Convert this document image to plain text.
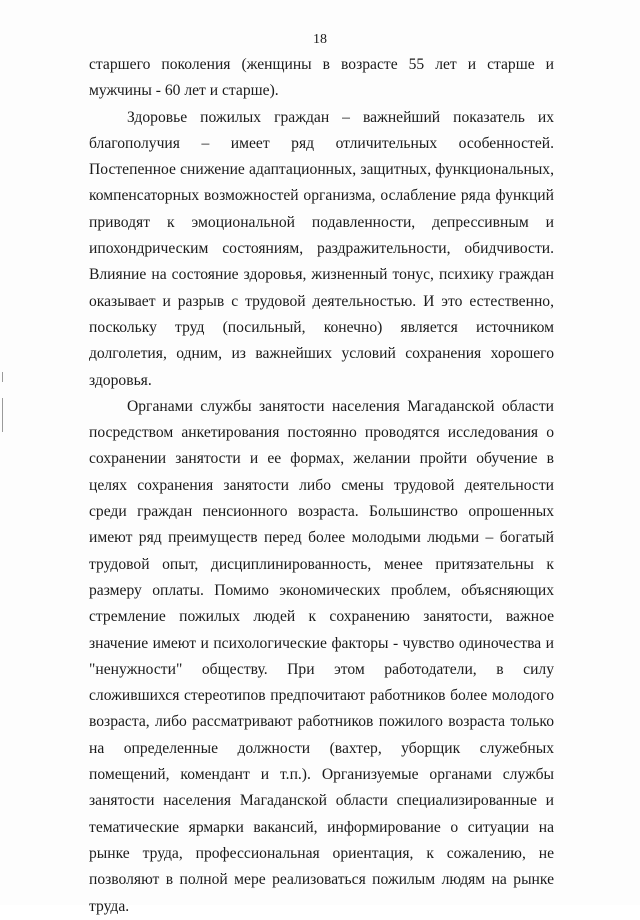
18

старшего поколения (женщины в возрасте 55 лет и старше и мужчины - 60 лет и старше).

Здоровье пожилых граждан – важнейший показатель их благополучия – имеет ряд отличительных особенностей. Постепенное снижение адаптационных, защитных, функциональных, компенсаторных возможностей организма, ослабление ряда функций приводят к эмоциональной подавленности, депрессивным и ипохондрическим состояниям, раздражительности, обидчивости. Влияние на состояние здоровья, жизненный тонус, психику граждан оказывает и разрыв с трудовой деятельностью. И это естественно, поскольку труд (посильный, конечно) является источником долголетия, одним, из важнейших условий сохранения хорошего здоровья.

Органами службы занятости населения Магаданской области посредством анкетирования постоянно проводятся исследования о сохранении занятости и ее формах, желании пройти обучение в целях сохранения занятости либо смены трудовой деятельности среди граждан пенсионного возраста. Большинство опрошенных имеют ряд преимуществ перед более молодыми людьми – богатый трудовой опыт, дисциплинированность, менее притязательны к размеру оплаты. Помимо экономических проблем, объясняющих стремление пожилых людей к сохранению занятости, важное значение имеют и психологические факторы - чувство одиночества и "ненужности" обществу. При этом работодатели, в силу сложившихся стереотипов предпочитают работников более молодого возраста, либо рассматривают работников пожилого возраста только на определенные должности (вахтер, уборщик служебных помещений, комендант и т.п.). Организуемые органами службы занятости населения Магаданской области специализированные и тематические ярмарки вакансий, информирование о ситуации на рынке труда, профессиональная ориентация, к сожалению, не позволяют в полной мере реализоваться пожилым людям на рынке труда.
